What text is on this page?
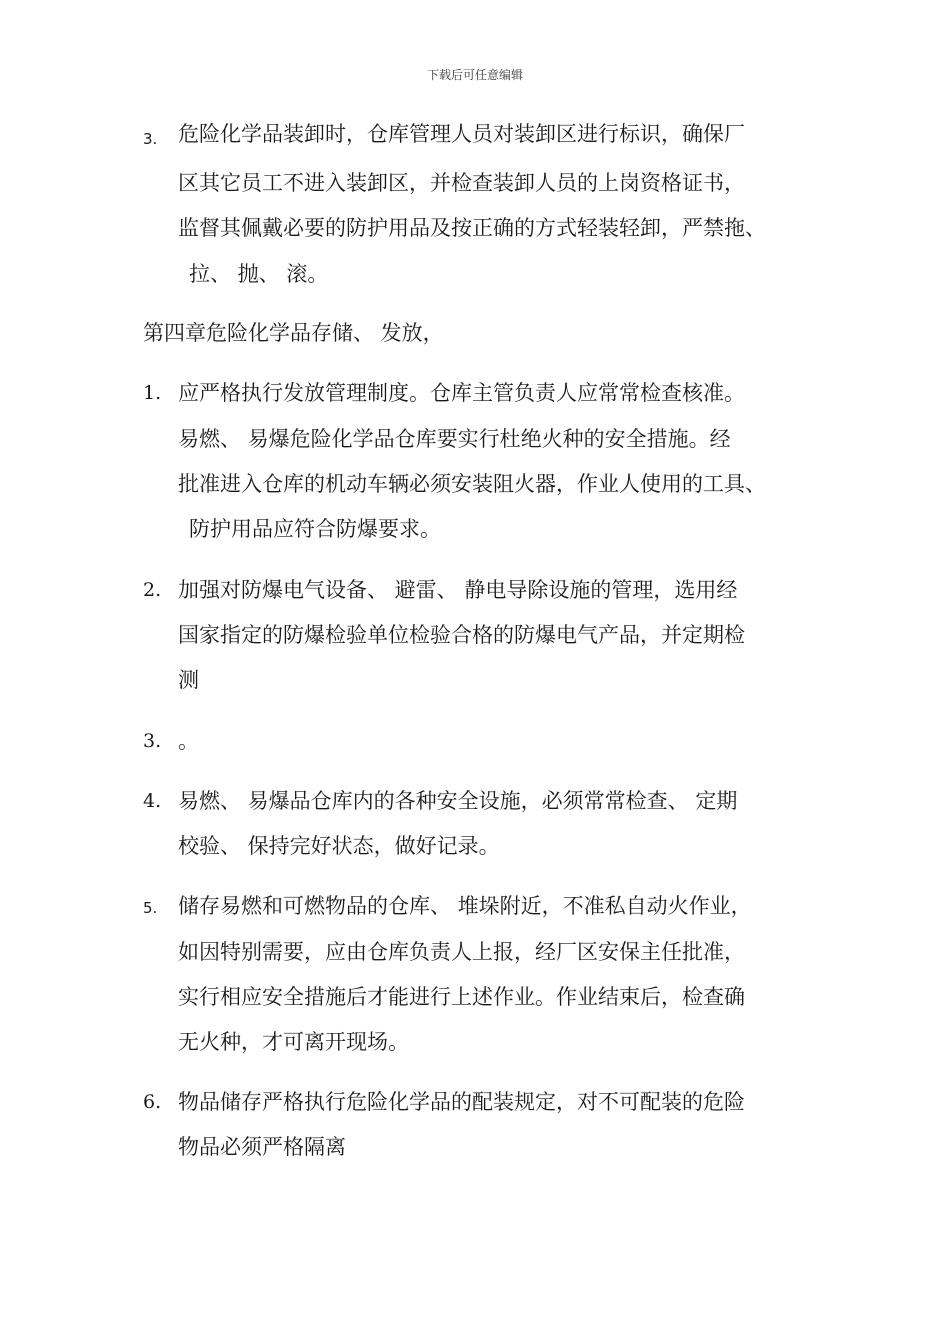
下载后可任意编辑
3. 危险化学品装卸时，仓库管理人员对装卸区进行标识，确保厂
区其它员工不进入装卸区，并检查装卸人员的上岗资格证书，
监督其佩戴必要的防护用品及按正确的方式轻装轻卸，严禁拖、
拉、 抛、 滚。
第四章危险化学品存储、 发放，
1. 应严格执行发放管理制度。仓库主管负责人应常常检查核准。
易燃、 易爆危险化学品仓库要实行杜绝火种的安全措施。经
批准进入仓库的机动车辆必须安装阻火器，作业人使用的工具、
防护用品应符合防爆要求。
2. 加强对防爆电气设备、 避雷、 静电导除设施的管理，选用经
国家指定的防爆检验单位检验合格的防爆电气产品，并定期检
测
3. 。
4. 易燃、 易爆品仓库内的各种安全设施，必须常常检查、 定期
校验、 保持完好状态，做好记录。
5. 储存易燃和可燃物品的仓库、 堆垛附近，不准私自动火作业，
如因特别需要，应由仓库负责人上报，经厂区安保主任批准，
实行相应安全措施后才能进行上述作业。作业结束后，检查确
无火种，才可离开现场。
6. 物品储存严格执行危险化学品的配装规定，对不可配装的危险
物品必须严格隔离
